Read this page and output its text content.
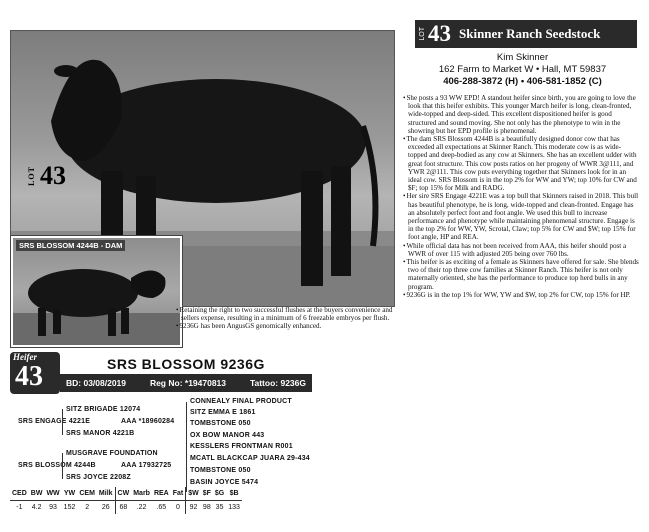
LOT 43
SRS BLOSSOM 4244B - DAM
LOT 43 Skinner Ranch Seedstock
Kim Skinner
162 Farm to Market W • Hall, MT 59837
406-288-3872 (H) • 406-581-1852 (C)

• She posts a 93 WW EPD! A standout heifer since birth, you are going to love the look that this heifer exhibits. This younger March heifer is long, clean-fronted, wide-topped and deep-sided. This excellent dispositioned heifer is good structured and sound moving. She not only has the phenotype to win in the showring but her EPD profile is phenomenal.

• The dam SRS Blossom 4244B is a beautifully designed donor cow that has exceeded all expectations at Skinner Ranch. This moderate cow is as wide-topped and deep-bodied as any cow at Skinners. She has an excellent udder with great foot structure. This cow posts ratios on her progeny of WWR 3@111, and YWR 2@111. This cow puts everything together that Skinners look for in an ideal cow. SRS Blossom is in the top 2% for WW and YW; top 10% for CW and $F; top 15% for Milk and RADG.

• Her sire SRS Engage 4221E was a top bull that Skinners raised in 2018. This bull has beautiful phenotype, he is long, wide-topped and clean-fronted. Engage has an absolutely perfect foot and foot angle. We used this bull to increase performance and phenotype while maintaining phenomenal structure. Engage is in the top 2% for WW, YW, Scrotal, Claw; top 5% for CW and $W; top 15% for foot angle, HP and REA.

• While official data has not been received from AAA, this heifer should post a WWR of over 115 with adjusted 205 being over 760 lbs.

• This heifer is as exciting of a female as Skinners have offered for sale. She blends two of their top three cow families at Skinner Ranch. This heifer is not only maternally oriented, she has the performance to produce top herd bulls in any program.

• 9236G is in the top 1% for WW, YW and $W, top 2% for CW, top 15% for HP.

• Retaining the right to two successful flushes at the buyers convenience and sellers expense, resulting in a minimum of 6 freezable embryos per flush.

• 9236G has been AngusGS genomically enhanced.

Heifer
43	SRS BLOSSOM 9236G
BD: 03/08/2019	Reg No: *19470813	Tattoo: 9236G
SITZ BRIGADE 12074
SRS ENGAGE 4221E	AAA *18960284
SRS MANOR 4221B
MUSGRAVE FOUNDATION
SRS BLOSSOM 4244B	AAA 17932725
SRS JOYCE 2208Z
CONNEALY FINAL PRODUCT
SITZ EMMA E 1861
TOMBSTONE 050
OX BOW MANOR 443
KESSLERS FRONTMAN R001
MCATL BLACKCAP JUARA 29-434
TOMBSTONE 050
BASIN JOYCE 5474
CED	BW	WW	YW	CEM	Milk	CW	Marb	REA	Fat	$W	$F	$G	$B
-1	4.2	93	152	2	26	68	.22	.65	0	92	98	35	133
